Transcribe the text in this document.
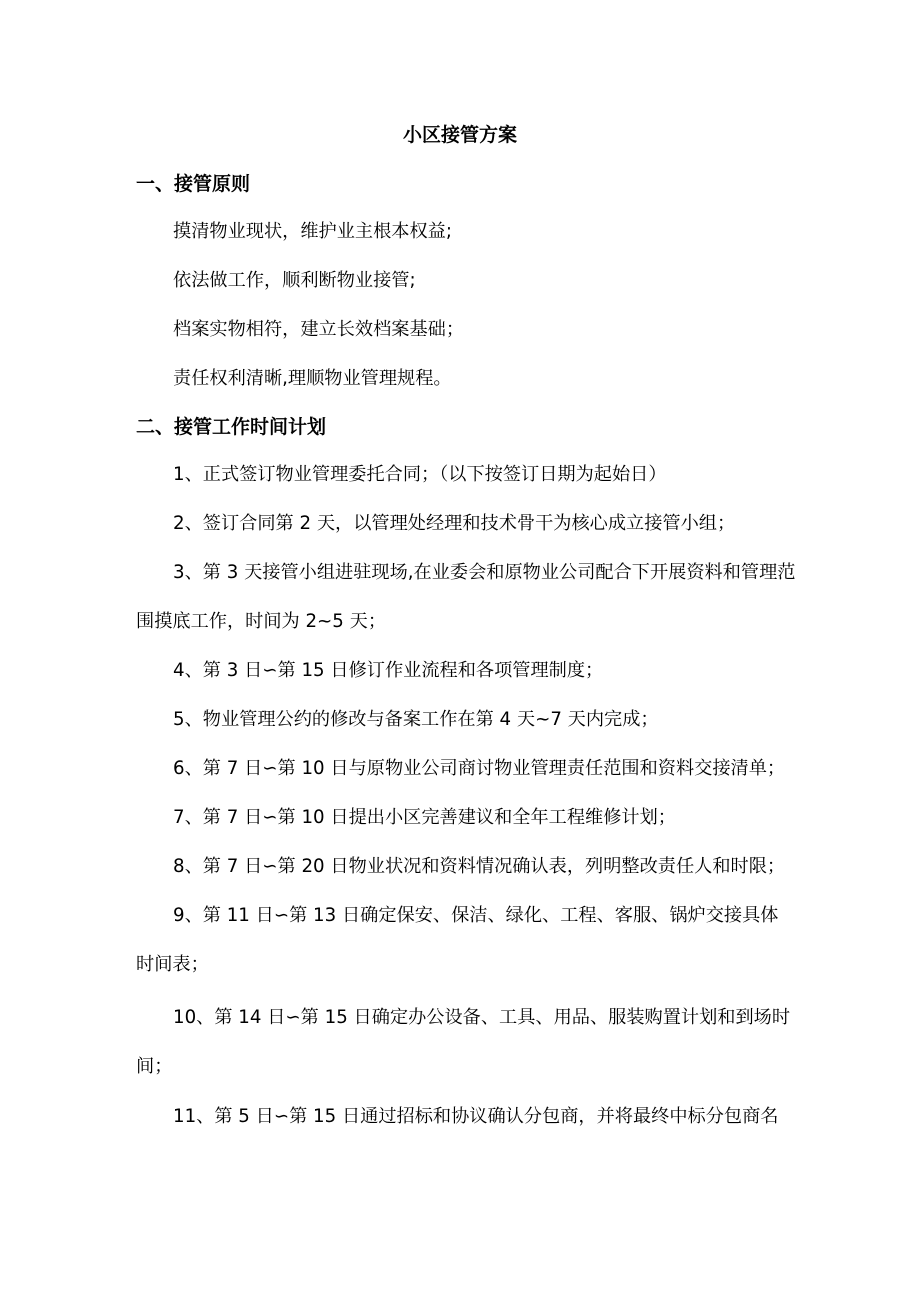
小区接管方案
一、接管原则
摸清物业现状，维护业主根本权益;
依法做工作，顺利断物业接管;
档案实物相符，建立长效档案基础；
责任权利清晰,理顺物业管理规程。
二、接管工作时间计划
1、正式签订物业管理委托合同；（以下按签订日期为起始日）
2、签订合同第 2 天，以管理处经理和技术骨干为核心成立接管小组；
3、第 3 天接管小组进驻现场,在业委会和原物业公司配合下开展资料和管理范围摸底工作，时间为 2~5 天；
4、第 3 日∽第 15 日修订作业流程和各项管理制度；
5、物业管理公约的修改与备案工作在第 4 天~7 天内完成；
6、第 7 日∽第 10 日与原物业公司商讨物业管理责任范围和资料交接清单；
7、第 7 日∽第 10 日提出小区完善建议和全年工程维修计划；
8、第 7 日∽第 20 日物业状况和资料情况确认表，列明整改责任人和时限；
9、第 11 日∽第 13 日确定保安、保洁、绿化、工程、客服、锅炉交接具体时间表；
10、第 14 日∽第 15 日确定办公设备、工具、用品、服装购置计划和到场时间；
11、第 5 日∽第 15 日通过招标和协议确认分包商，并将最终中标分包商名
